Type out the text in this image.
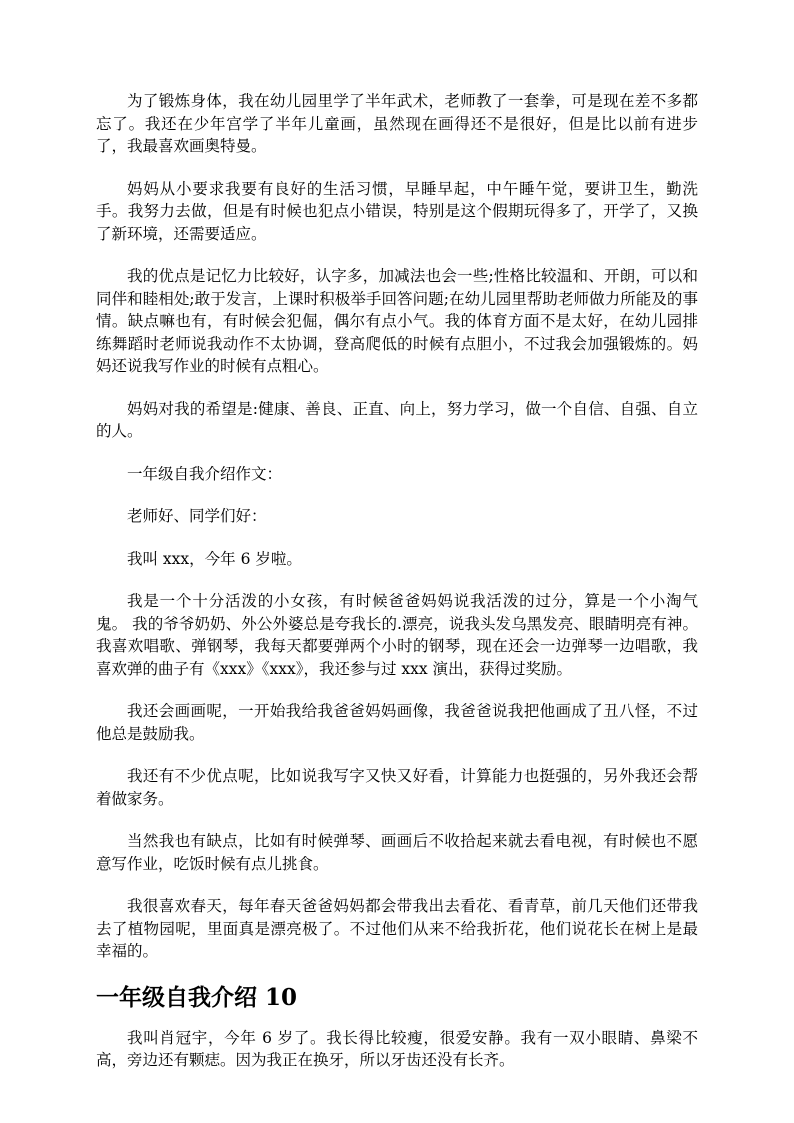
为了锻炼身体，我在幼儿园里学了半年武术，老师教了一套拳，可是现在差不多都忘了。我还在少年宫学了半年儿童画，虽然现在画得还不是很好，但是比以前有进步了，我最喜欢画奥特曼。

妈妈从小要求我要有良好的生活习惯，早睡早起，中午睡午觉，要讲卫生，勤洗手。我努力去做，但是有时候也犯点小错误，特别是这个假期玩得多了，开学了，又换了新环境，还需要适应。

我的优点是记忆力比较好，认字多，加减法也会一些;性格比较温和、开朗，可以和同伴和睦相处;敢于发言，上课时积极举手回答问题;在幼儿园里帮助老师做力所能及的事情。缺点嘛也有，有时候会犯倔，偶尔有点小气。我的体育方面不是太好，在幼儿园排练舞蹈时老师说我动作不太协调，登高爬低的时候有点胆小，不过我会加强锻炼的。妈妈还说我写作业的时候有点粗心。

妈妈对我的希望是:健康、善良、正直、向上，努力学习，做一个自信、自强、自立的人。

一年级自我介绍作文：

老师好、同学们好：

我叫 xxx，今年 6 岁啦。

我是一个十分活泼的小女孩，有时候爸爸妈妈说我活泼的过分，算是一个小淘气鬼。 我的爷爷奶奶、外公外婆总是夸我长的.漂亮，说我头发乌黑发亮、眼睛明亮有神。 我喜欢唱歌、弹钢琴，我每天都要弹两个小时的钢琴，现在还会一边弹琴一边唱歌，我喜欢弹的曲子有《xxx》《xxx》，我还参与过 xxx 演出，获得过奖励。

我还会画画呢，一开始我给我爸爸妈妈画像，我爸爸说我把他画成了丑八怪，不过他总是鼓励我。

我还有不少优点呢，比如说我写字又快又好看，计算能力也挺强的，另外我还会帮着做家务。

当然我也有缺点，比如有时候弹琴、画画后不收拾起来就去看电视，有时候也不愿意写作业，吃饭时候有点儿挑食。

我很喜欢春天，每年春天爸爸妈妈都会带我出去看花、看青草，前几天他们还带我去了植物园呢，里面真是漂亮极了。不过他们从来不给我折花，他们说花长在树上是最幸福的。

一年级自我介绍 10

我叫肖冠宇，今年 6 岁了。我长得比较瘦，很爱安静。我有一双小眼睛、鼻梁不高，旁边还有颗痣。因为我正在换牙，所以牙齿还没有长齐。
